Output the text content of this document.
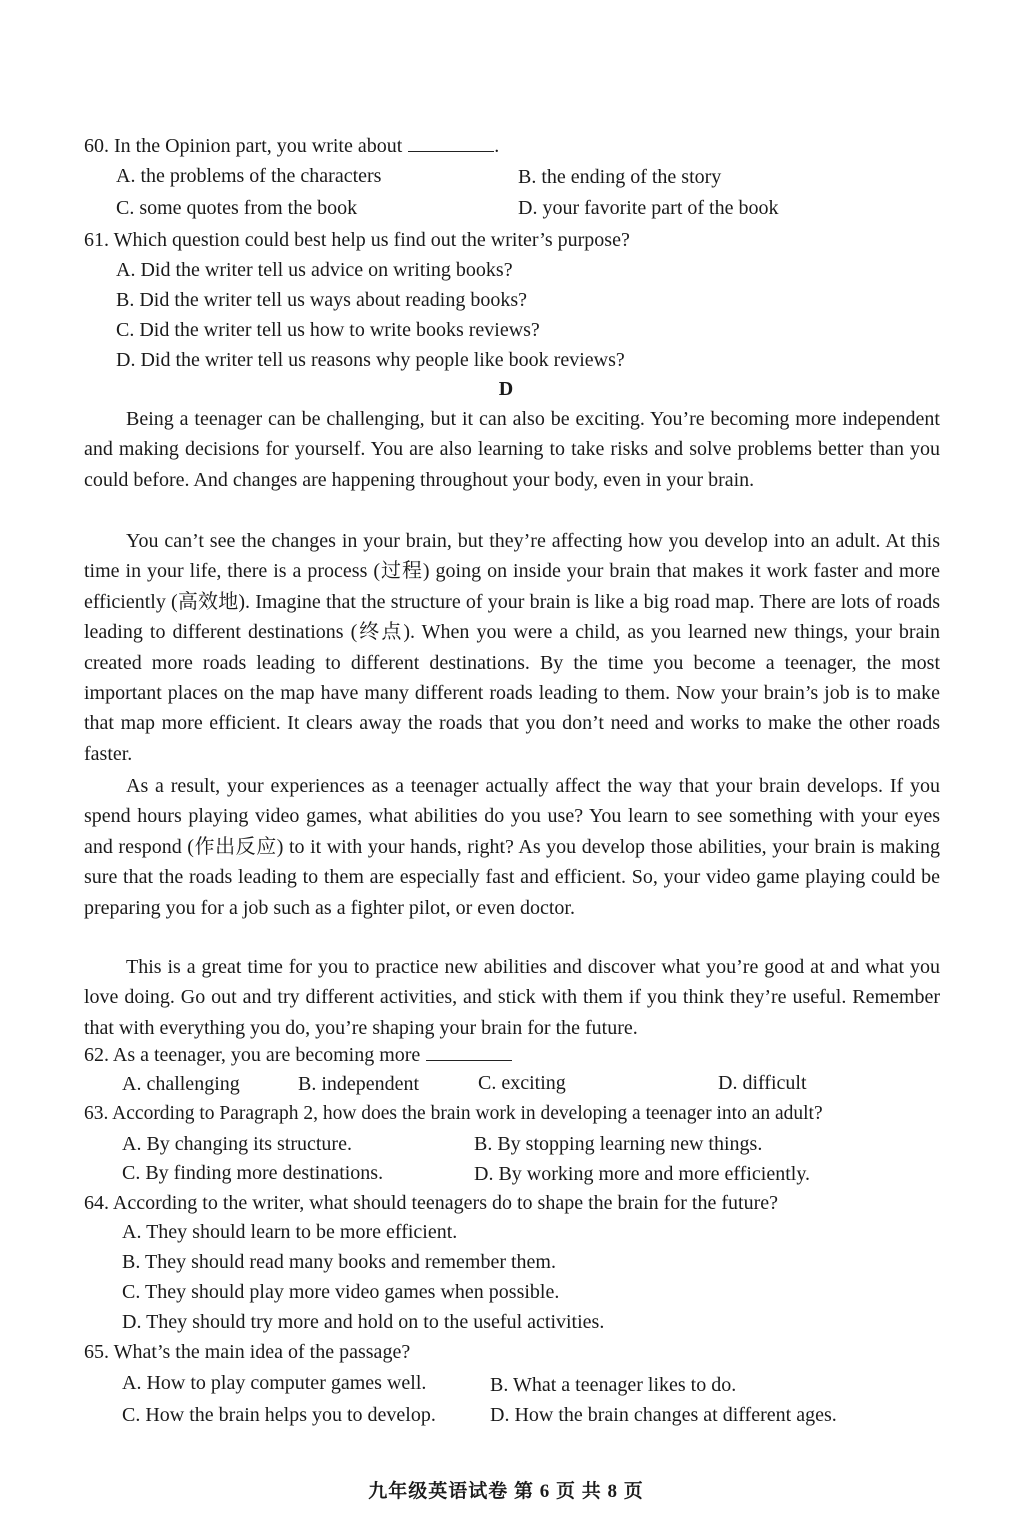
60. In the Opinion part, you write about	.
A. the problems of the characters	B. the ending of the story
C. some quotes from the book	D. your favorite part of the book
61. Which question could best help us find out the writer’s purpose?
A. Did the writer tell us advice on writing books?
B. Did the writer tell us ways about reading books?
C. Did the writer tell us how to write books reviews?
D. Did the writer tell us reasons why people like book reviews?
D
Being a teenager can be challenging, but it can also be exciting. You’re becoming more independent and making decisions for yourself. You are also learning to take risks and solve problems better than you could before. And changes are happening throughout your body, even in your brain.
You can’t see the changes in your brain, but they’re affecting how you develop into an adult. At this time in your life, there is a process (过程) going on inside your brain that makes it work faster and more efficiently (高效地). Imagine that the structure of your brain is like a big road map. There are lots of roads leading to different destinations (终点). When you were a child, as you learned new things, your brain created more roads leading to different destinations. By the time you become a teenager, the most important places on the map have many different roads leading to them. Now your brain’s job is to make that map more efficient. It clears away the roads that you don’t need and works to make the other roads faster.
As a result, your experiences as a teenager actually affect the way that your brain develops. If you spend hours playing video games, what abilities do you use? You learn to see something with your eyes and respond (作出反应) to it with your hands, right? As you develop those abilities, your brain is making sure that the roads leading to them are especially fast and efficient. So, your video game playing could be preparing you for a job such as a fighter pilot, or even doctor.
This is a great time for you to practice new abilities and discover what you’re good at and what you love doing. Go out and try different activities, and stick with them if you think they’re useful. Remember that with everything you do, you’re shaping your brain for the future.
62. As a teenager, you are becoming more
A. challenging	B. independent	C. exciting	D. difficult
63. According to Paragraph 2, how does the brain work in developing a teenager into an adult?
A. By changing its structure.	B. By stopping learning new things.
C. By finding more destinations.	D. By working more and more efficiently.
64. According to the writer, what should teenagers do to shape the brain for the future?
A. They should learn to be more efficient.
B. They should read many books and remember them.
C. They should play more video games when possible.
D. They should try more and hold on to the useful activities.
65. What’s the main idea of the passage?
A. How to play computer games well.	B. What a teenager likes to do.
C. How the brain helps you to develop.	D. How the brain changes at different ages.
九年级英语试卷 第 6 页 共 8 页
